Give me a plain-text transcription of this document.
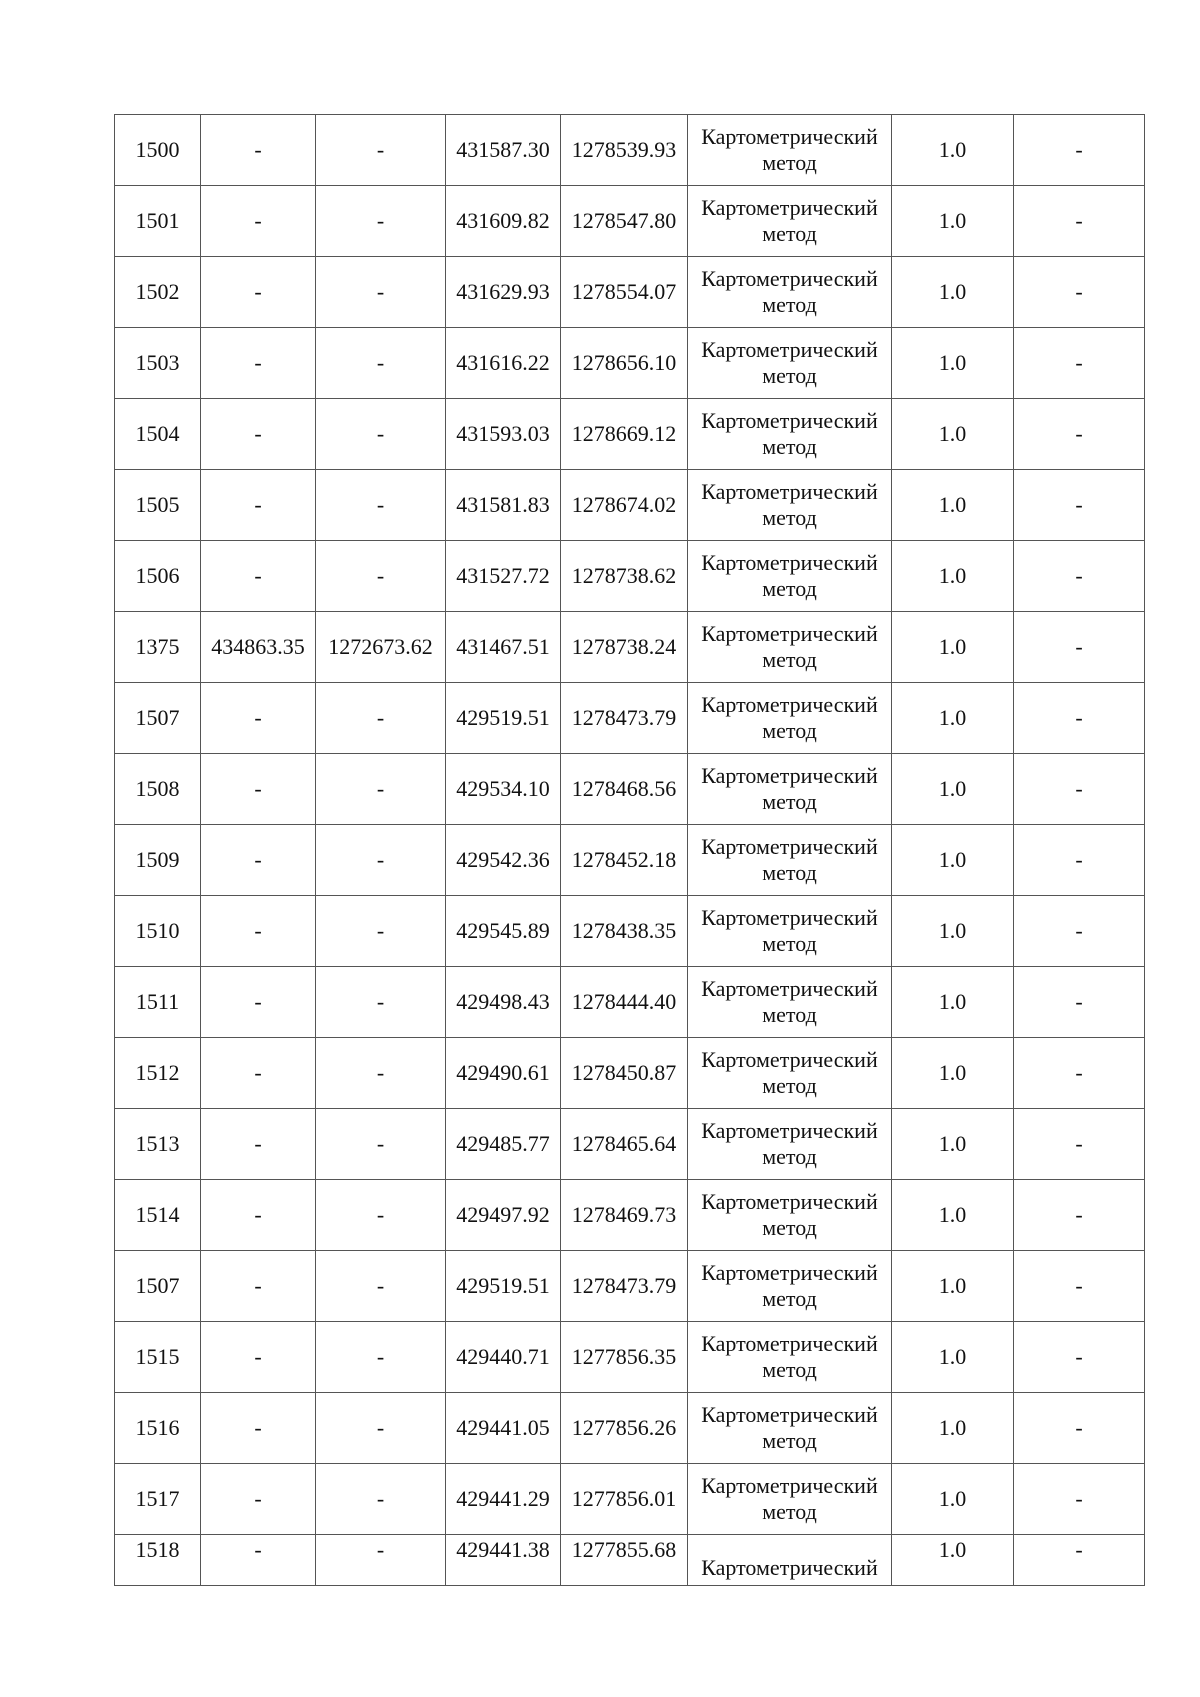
1500	-	-	431587.30	1278539.93	Картометрический метод	1.0	-
1501	-	-	431609.82	1278547.80	Картометрический метод	1.0	-
1502	-	-	431629.93	1278554.07	Картометрический метод	1.0	-
1503	-	-	431616.22	1278656.10	Картометрический метод	1.0	-
1504	-	-	431593.03	1278669.12	Картометрический метод	1.0	-
1505	-	-	431581.83	1278674.02	Картометрический метод	1.0	-
1506	-	-	431527.72	1278738.62	Картометрический метод	1.0	-
1375	434863.35	1272673.62	431467.51	1278738.24	Картометрический метод	1.0	-
1507	-	-	429519.51	1278473.79	Картометрический метод	1.0	-
1508	-	-	429534.10	1278468.56	Картометрический метод	1.0	-
1509	-	-	429542.36	1278452.18	Картометрический метод	1.0	-
1510	-	-	429545.89	1278438.35	Картометрический метод	1.0	-
1511	-	-	429498.43	1278444.40	Картометрический метод	1.0	-
1512	-	-	429490.61	1278450.87	Картометрический метод	1.0	-
1513	-	-	429485.77	1278465.64	Картометрический метод	1.0	-
1514	-	-	429497.92	1278469.73	Картометрический метод	1.0	-
1507	-	-	429519.51	1278473.79	Картометрический метод	1.0	-
1515	-	-	429440.71	1277856.35	Картометрический метод	1.0	-
1516	-	-	429441.05	1277856.26	Картометрический метод	1.0	-
1517	-	-	429441.29	1277856.01	Картометрический метод	1.0	-
1518	-	-	429441.38	1277855.68	Картометрический	1.0	-
